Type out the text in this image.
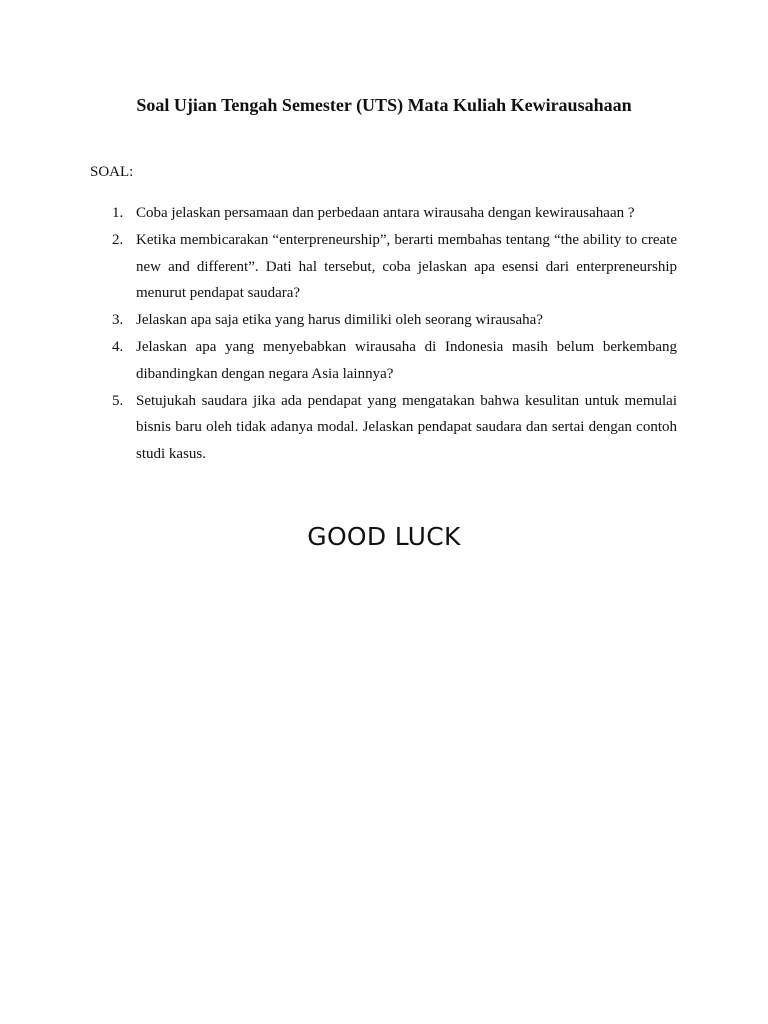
Soal Ujian Tengah Semester (UTS) Mata Kuliah Kewirausahaan

SOAL:

1. Coba jelaskan persamaan dan perbedaan antara wirausaha dengan kewirausahaan ?
2. Ketika membicarakan “enterpreneurship”, berarti membahas tentang “the ability to create new and different”. Dati hal tersebut, coba jelaskan apa esensi dari enterpreneurship menurut pendapat saudara?
3. Jelaskan apa saja etika yang harus dimiliki oleh seorang wirausaha?
4. Jelaskan apa yang menyebabkan wirausaha di Indonesia masih belum berkembang dibandingkan dengan negara Asia lainnya?
5. Setujukah saudara jika ada pendapat yang mengatakan bahwa kesulitan untuk memulai bisnis baru oleh tidak adanya modal. Jelaskan pendapat saudara dan sertai dengan contoh studi kasus.

GOOD LUCK
